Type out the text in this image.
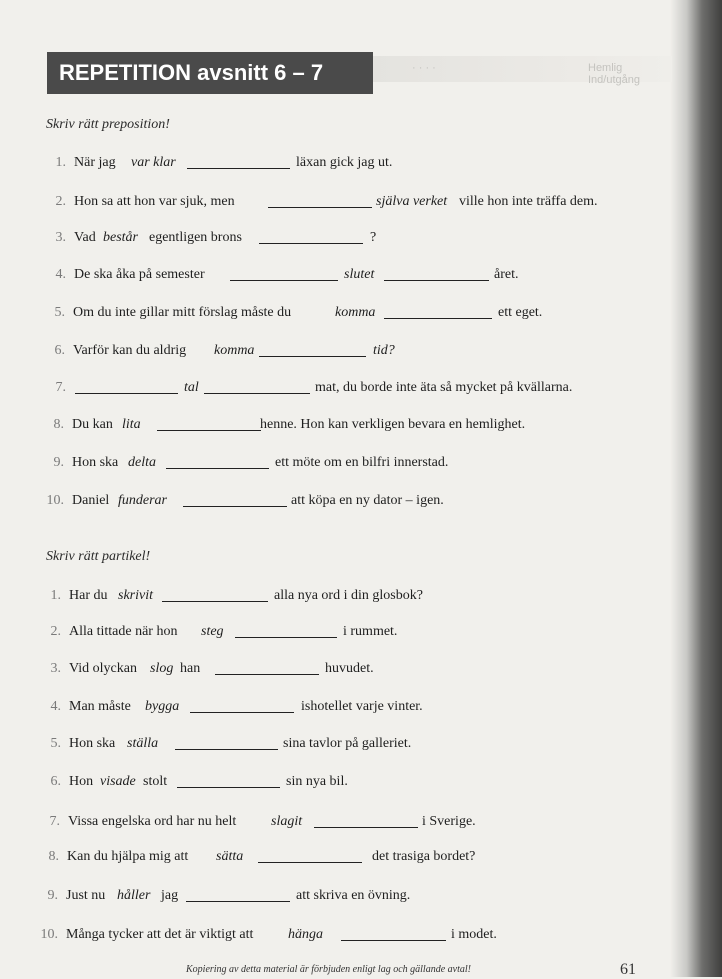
· · · ·	Hemlig Ind/utgång
REPETITION avsnitt 6 – 7

Skriv rätt preposition!

1. När jag var klar	läxan gick jag ut.
2. Hon sa att hon var sjuk, men	själva verket ville hon inte träffa dem.
3. Vad består egentligen brons	?
4. De ska åka på semester	slutet	året.
5. Om du inte gillar mitt förslag måste du	komma	ett eget.
6. Varför kan du aldrig komma	tid?
7.	tal	mat, du borde inte äta så mycket på kvällarna.
8. Du kan lita	henne. Hon kan verkligen bevara en hemlighet.
9. Hon ska delta	ett möte om en bilfri innerstad.
10. Daniel funderar	att köpa en ny dator – igen.

Skriv rätt partikel!

1. Har du skrivit	alla nya ord i din glosbok?
2. Alla tittade när hon steg	i rummet.
3. Vid olyckan slog han	huvudet.
4. Man måste bygga	ishotellet varje vinter.
5. Hon ska ställa	sina tavlor på galleriet.
6. Hon visade stolt	sin nya bil.
7. Vissa engelska ord har nu helt slagit	i Sverige.
8. Kan du hjälpa mig att sätta	det trasiga bordet?
9. Just nu håller jag	att skriva en övning.
10. Många tycker att det är viktigt att hänga	i modet.

Kopiering av detta material är förbjuden enligt lag och gällande avtal!	61
